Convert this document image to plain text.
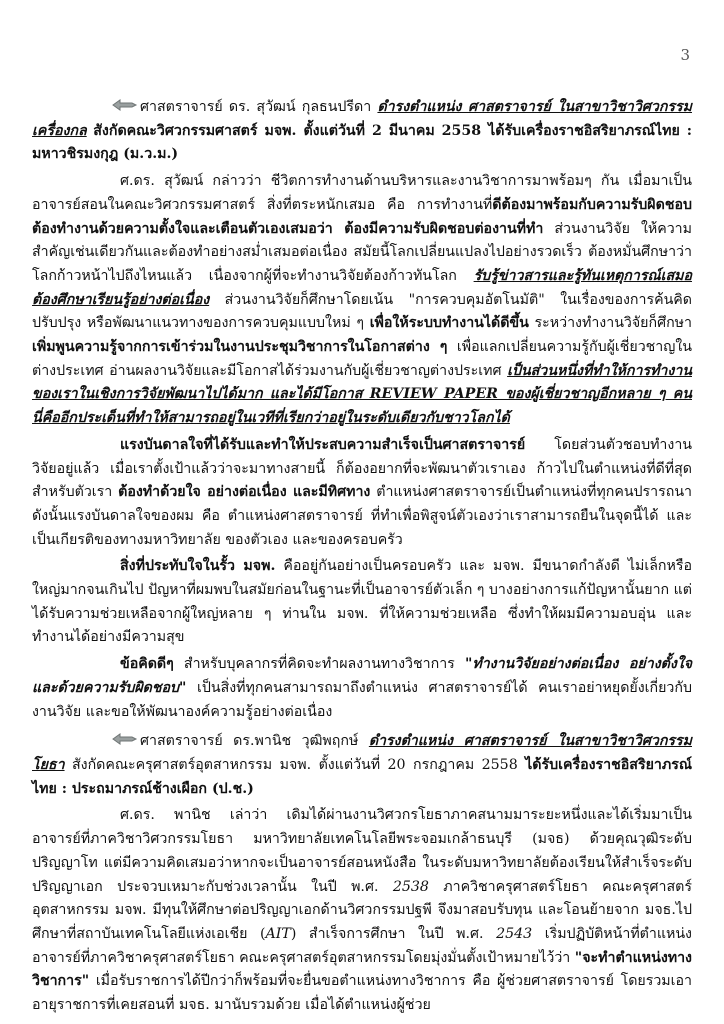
3

ศาสตราจารย์ ดร. สุวัฒน์ กุลธนปรีดา ดำรงตำแหน่ง ศาสตราจารย์ ในสาขาวิชาวิศวกรรมเครื่องกล สังกัดคณะวิศวกรรมศาสตร์ มจพ. ตั้งแต่วันที่ 2 มีนาคม 2558 ได้รับเครื่องราชอิสริยาภรณ์ไทย : มหาวชิรมงกุฎ (ม.ว.ม.)

ศ.ดร. สุวัฒน์ กล่าวว่า ชีวิตการทำงานด้านบริหารและงานวิชาการมาพร้อมๆ กัน เมื่อมาเป็นอาจารย์สอนในคณะวิศวกรรมศาสตร์ สิ่งที่ตระหนักเสมอ คือ การทำงานที่ดีต้องมาพร้อมกับความรับผิดชอบ ต้องทำงานด้วยความตั้งใจและเตือนตัวเองเสมอว่า ต้องมีความรับผิดชอบต่องานที่ทำ ส่วนงานวิจัย ให้ความสำคัญเช่นเดียวกันและต้องทำอย่างสม่ำเสมอต่อเนื่อง สมัยนี้โลกเปลี่ยนแปลงไปอย่างรวดเร็ว ต้องหมั่นศึกษาว่าโลกก้าวหน้าไปถึงไหนแล้ว เนื่องจากผู้ที่จะทำงานวิจัยต้องก้าวทันโลก รับรู้ข่าวสารและรู้ทันเหตุการณ์เสมอ ต้องศึกษาเรียนรู้อย่างต่อเนื่อง ส่วนงานวิจัยก็ศึกษาโดยเน้น "การควบคุมอัตโนมัติ" ในเรื่องของการค้นคิด ปรับปรุง หรือพัฒนาแนวทางของการควบคุมแบบใหม่ ๆ เพื่อให้ระบบทำงานได้ดีขึ้น ระหว่างทำงานวิจัยก็ศึกษา เพิ่มพูนความรู้จากการเข้าร่วมในงานประชุมวิชาการในโอกาสต่าง ๆ เพื่อแลกเปลี่ยนความรู้กับผู้เชี่ยวชาญในต่างประเทศ อ่านผลงานวิจัยและมีโอกาสได้ร่วมงานกับผู้เชี่ยวชาญต่างประเทศ เป็นส่วนหนึ่งที่ทำให้การทำงานของเราในเชิงการวิจัยพัฒนาไปได้มาก และได้มีโอกาส REVIEW PAPER ของผู้เชี่ยวชาญอีกหลาย ๆ คน นี่คืออีกประเด็นที่ทำให้สามารถอยู่ในเวทีที่เรียกว่าอยู่ในระดับเดียวกับชาวโลกได้

แรงบันดาลใจที่ได้รับและทำให้ประสบความสำเร็จเป็นศาสตราจารย์ โดยส่วนตัวชอบทำงานวิจัยอยู่แล้ว เมื่อเราตั้งเป้าแล้วว่าจะมาทางสายนี้ ก็ต้องอยากที่จะพัฒนาตัวเราเอง ก้าวไปในตำแหน่งที่ดีที่สุด สำหรับตัวเรา ต้องทำด้วยใจ อย่างต่อเนื่อง และมีทิศทาง ตำแหน่งศาสตราจารย์เป็นตำแหน่งที่ทุกคนปรารถนา ดังนั้นแรงบันดาลใจของผม คือ ตำแหน่งศาสตราจารย์ ที่ทำเพื่อพิสูจน์ตัวเองว่าเราสามารถยืนในจุดนี้ได้ และเป็นเกียรติของทางมหาวิทยาลัย ของตัวเอง และของครอบครัว

สิ่งที่ประทับใจในรั้ว มจพ. คืออยู่กันอย่างเป็นครอบครัว และ มจพ. มีขนาดกำลังดี ไม่เล็กหรือใหญ่มากจนเกินไป ปัญหาที่ผมพบในสมัยก่อนในฐานะที่เป็นอาจารย์ตัวเล็ก ๆ บางอย่างการแก้ปัญหานั้นยาก แต่ได้รับความช่วยเหลือจากผู้ใหญ่หลาย ๆ ท่านใน มจพ. ที่ให้ความช่วยเหลือ ซึ่งทำให้ผมมีความอบอุ่น และทำงานได้อย่างมีความสุข

ข้อคิดดีๆ สำหรับบุคลากรที่คิดจะทำผลงานทางวิชาการ "ทำงานวิจัยอย่างต่อเนื่อง อย่างตั้งใจ และด้วยความรับผิดชอบ" เป็นสิ่งที่ทุกคนสามารถมาถึงตำแหน่ง ศาสตราจารย์ได้ คนเราอย่าหยุดยั้งเกี่ยวกับงานวิจัย และขอให้พัฒนาองค์ความรู้อย่างต่อเนื่อง

ศาสตราจารย์ ดร.พานิช วุฒิพฤกษ์ ดำรงตำแหน่ง ศาสตราจารย์ ในสาขาวิชาวิศวกรรมโยธา สังกัดคณะครุศาสตร์อุตสาหกรรม มจพ. ตั้งแต่วันที่ 20 กรกฎาคม 2558 ได้รับเครื่องราชอิสริยาภรณ์ไทย : ประถมาภรณ์ช้างเผือก (ป.ช.)

ศ.ดร. พานิช เล่าว่า เดิมได้ผ่านงานวิศวกรโยธาภาคสนามมาระยะหนึ่งและได้เริ่มมาเป็นอาจารย์ที่ภาควิชาวิศวกรรมโยธา มหาวิทยาลัยเทคโนโลยีพระจอมเกล้าธนบุรี (มจธ) ด้วยคุณวุฒิระดับปริญญาโท แต่มีความคิดเสมอว่าหากจะเป็นอาจารย์สอนหนังสือ ในระดับมหาวิทยาลัยต้องเรียนให้สำเร็จระดับปริญญาเอก ประจวบเหมาะกับช่วงเวลานั้น ในปี พ.ศ. 2538 ภาควิชาครุศาสตร์โยธา คณะครุศาสตร์อุตสาหกรรม มจพ. มีทุนให้ศึกษาต่อปริญญาเอกด้านวิศวกรรมปฐพี จึงมาสอบรับทุน และโอนย้ายจาก มจธ.ไปศึกษาที่สถาบันเทคโนโลยีแห่งเอเชีย (AIT) สำเร็จการศึกษา ในปี พ.ศ. 2543 เริ่มปฏิบัติหน้าที่ตำแหน่งอาจารย์ที่ภาควิชาครุศาสตร์โยธา คณะครุศาสตร์อุตสาหกรรมโดยมุ่งมั่นตั้งเป้าหมายไว้ว่า "จะทำตำแหน่งทางวิชาการ" เมื่อรับราชการได้ปีกว่าก็พร้อมที่จะยื่นขอตำแหน่งทางวิชาการ คือ ผู้ช่วยศาสตราจารย์ โดยรวมเอาอายุราชการที่เคยสอนที่ มจธ. มานับรวมด้วย เมื่อได้ตำแหน่งผู้ช่วย
